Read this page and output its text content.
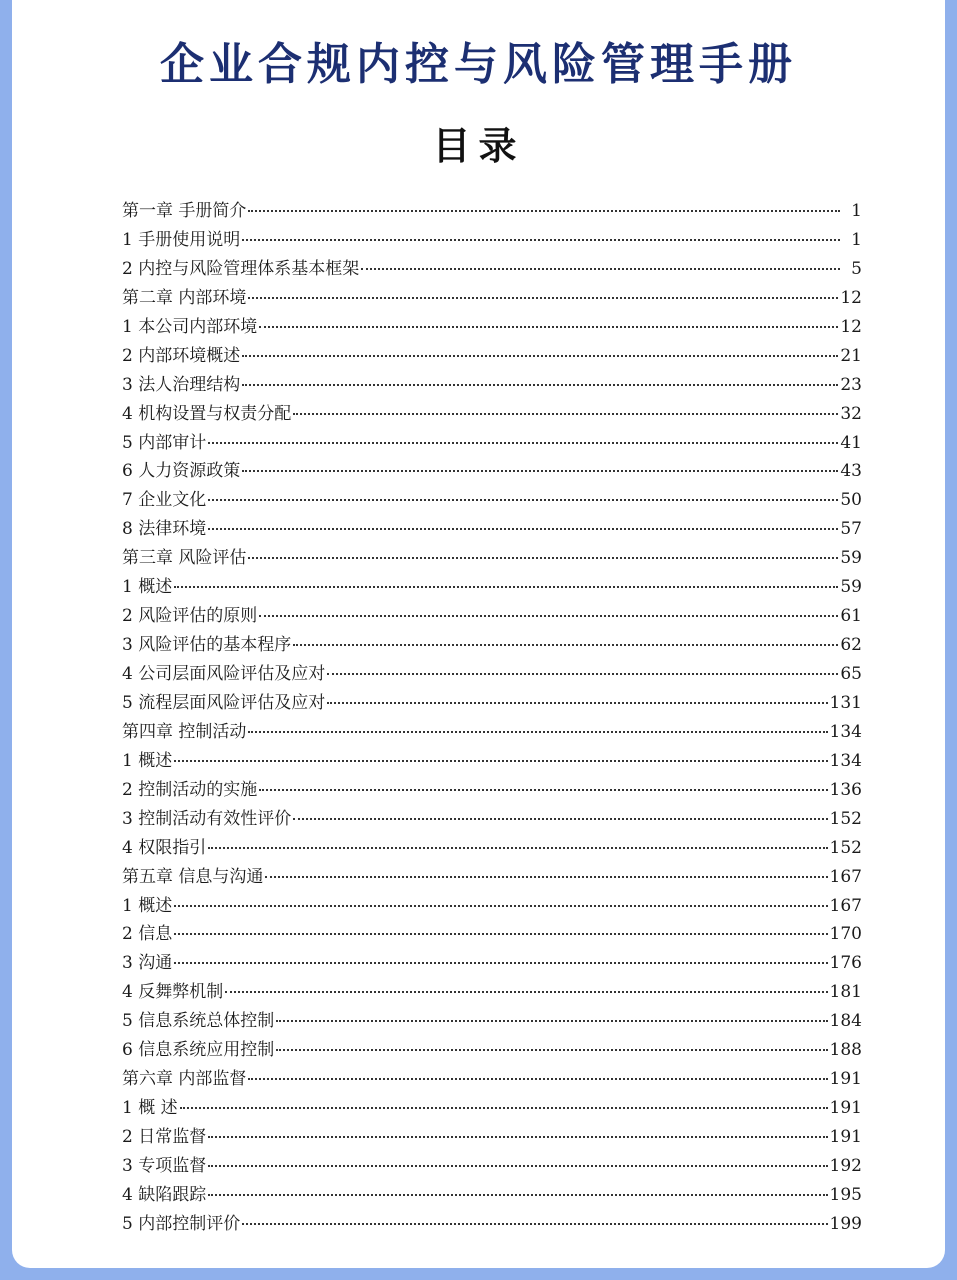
企业合规内控与风险管理手册
目录
第一章 手册简介	1
1 手册使用说明	1
2 内控与风险管理体系基本框架	5
第二章 内部环境	12
1 本公司内部环境	12
2 内部环境概述	21
3 法人治理结构	23
4 机构设置与权责分配	32
5 内部审计	41
6 人力资源政策	43
7 企业文化	50
8 法律环境	57
第三章 风险评估	59
1 概述	59
2 风险评估的原则	61
3 风险评估的基本程序	62
4 公司层面风险评估及应对	65
5 流程层面风险评估及应对	131
第四章 控制活动	134
1 概述	134
2 控制活动的实施	136
3 控制活动有效性评价	152
4 权限指引	152
第五章 信息与沟通	167
1 概述	167
2 信息	170
3 沟通	176
4 反舞弊机制	181
5 信息系统总体控制	184
6 信息系统应用控制	188
第六章 内部监督	191
1 概 述	191
2 日常监督	191
3 专项监督	192
4 缺陷跟踪	195
5 内部控制评价	199
